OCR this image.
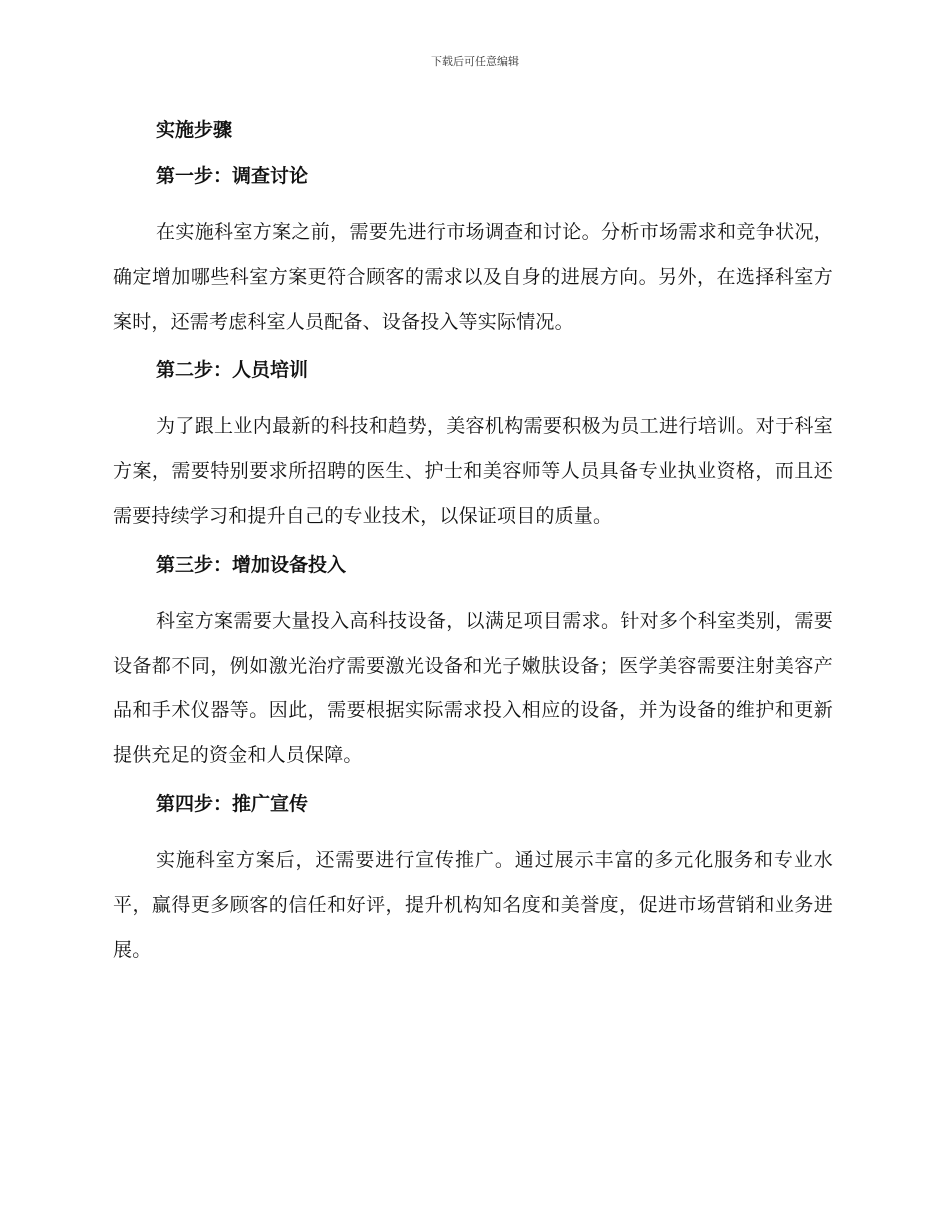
下载后可任意编辑
实施步骤
第一步：调查讨论

在实施科室方案之前，需要先进行市场调查和讨论。分析市场需求和竞争状况，确定增加哪些科室方案更符合顾客的需求以及自身的进展方向。另外，在选择科室方案时，还需考虑科室人员配备、设备投入等实际情况。

第二步：人员培训

为了跟上业内最新的科技和趋势，美容机构需要积极为员工进行培训。对于科室方案，需要特别要求所招聘的医生、护士和美容师等人员具备专业执业资格，而且还需要持续学习和提升自己的专业技术，以保证项目的质量。

第三步：增加设备投入

科室方案需要大量投入高科技设备，以满足项目需求。针对多个科室类别，需要设备都不同，例如激光治疗需要激光设备和光子嫩肤设备；医学美容需要注射美容产品和手术仪器等。因此，需要根据实际需求投入相应的设备，并为设备的维护和更新提供充足的资金和人员保障。

第四步：推广宣传

实施科室方案后，还需要进行宣传推广。通过展示丰富的多元化服务和专业水平，赢得更多顾客的信任和好评，提升机构知名度和美誉度，促进市场营销和业务进展。
